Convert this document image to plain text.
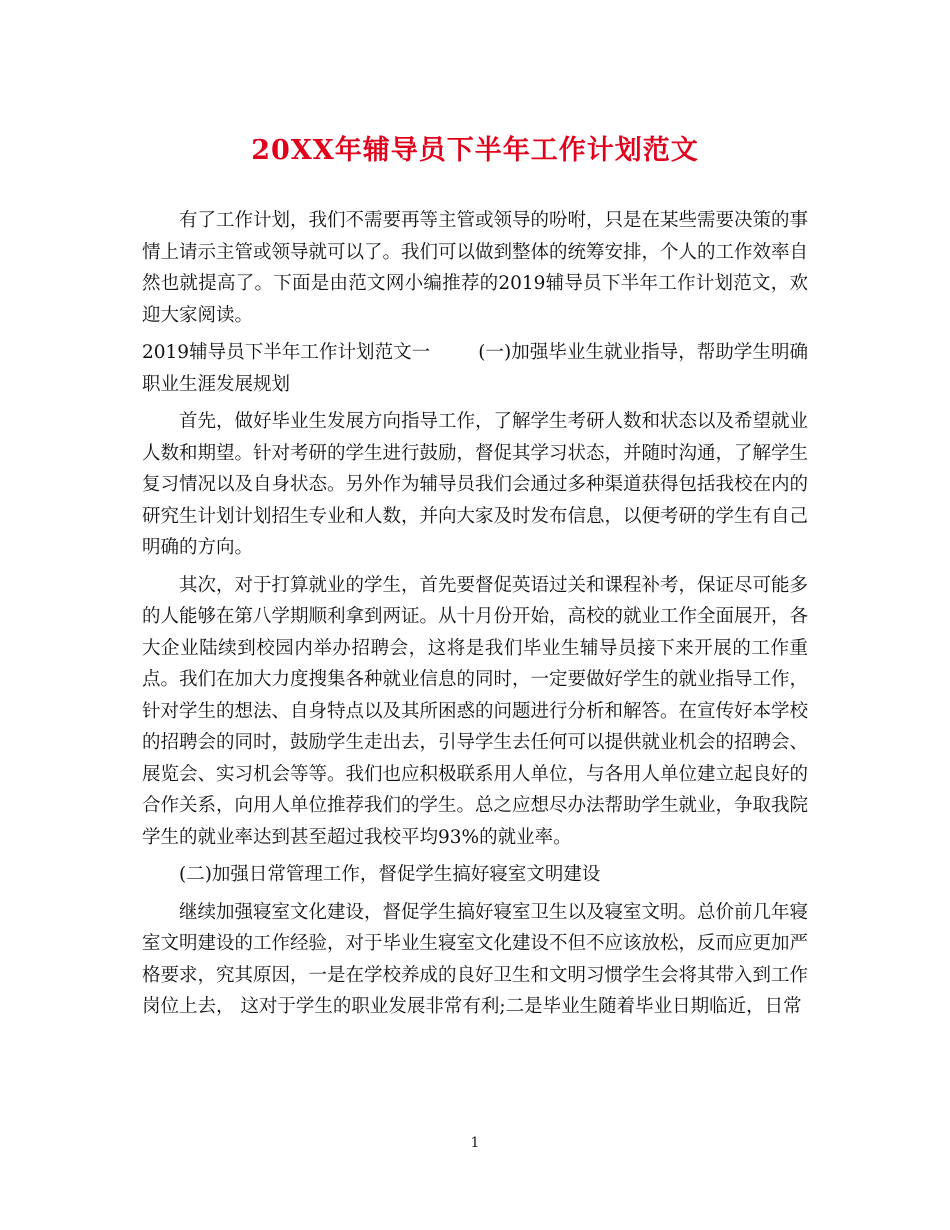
20XX年辅导员下半年工作计划范文

有了工作计划，我们不需要再等主管或领导的吩咐，只是在某些需要决策的事情上请示主管或领导就可以了。我们可以做到整体的统筹安排，个人的工作效率自然也就提高了。下面是由范文网小编推荐的2019辅导员下半年工作计划范文，欢迎大家阅读。

2019辅导员下半年工作计划范文一	(一)加强毕业生就业指导，帮助学生明确职业生涯发展规划

首先，做好毕业生发展方向指导工作，了解学生考研人数和状态以及希望就业人数和期望。针对考研的学生进行鼓励，督促其学习状态，并随时沟通，了解学生复习情况以及自身状态。另外作为辅导员我们会通过多种渠道获得包括我校在内的研究生计划计划招生专业和人数，并向大家及时发布信息，以便考研的学生有自己明确的方向。

其次，对于打算就业的学生，首先要督促英语过关和课程补考，保证尽可能多的人能够在第八学期顺利拿到两证。从十月份开始，高校的就业工作全面展开，各大企业陆续到校园内举办招聘会，这将是我们毕业生辅导员接下来开展的工作重点。我们在加大力度搜集各种就业信息的同时，一定要做好学生的就业指导工作，针对学生的想法、自身特点以及其所困惑的问题进行分析和解答。在宣传好本学校的招聘会的同时，鼓励学生走出去，引导学生去任何可以提供就业机会的招聘会、展览会、实习机会等等。我们也应积极联系用人单位，与各用人单位建立起良好的合作关系，向用人单位推荐我们的学生。总之应想尽办法帮助学生就业，争取我院学生的就业率达到甚至超过我校平均93%的就业率。

(二)加强日常管理工作，督促学生搞好寝室文明建设

继续加强寝室文化建设，督促学生搞好寝室卫生以及寝室文明。总价前几年寝室文明建设的工作经验，对于毕业生寝室文化建设不但不应该放松，反而应更加严格要求，究其原因，一是在学校养成的良好卫生和文明习惯学生会将其带入到工作岗位上去， 这对于学生的职业发展非常有利;二是毕业生随着毕业日期临近，日常

1
